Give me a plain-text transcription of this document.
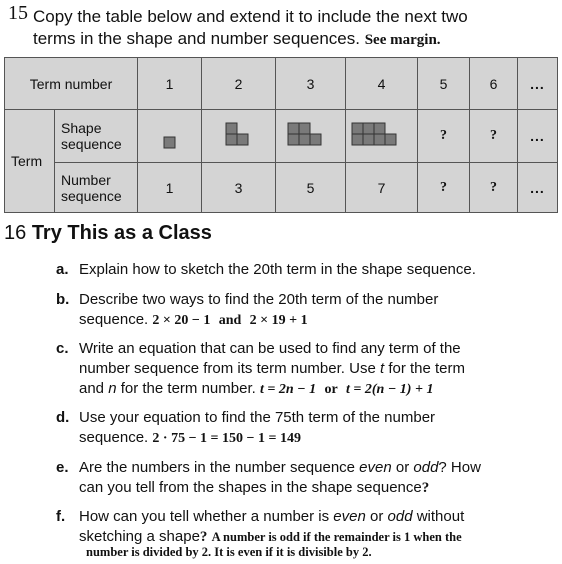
15 Copy the table below and extend it to include the next two
terms in the shape and number sequences. See margin.
Term number		1	2	3	4	5	6	...
Term	Shape
sequence					?	?	...

	Number
sequence	1	3	5	7	?	?	...
16 Try This as a Class
a. Explain how to sketch the 20th term in the shape sequence.
b. Describe two ways to find the 20th term of the number
sequence. 2 × 20 − 1 and 2 × 19 + 1
c. Write an equation that can be used to find any term of the
number sequence from its term number. Use t for the term
and n for the term number. t = 2n − 1 or t = 2(n − 1) + 1
d. Use your equation to find the 75th term of the number
sequence. 2 · 75 − 1 = 150 − 1 = 149
e. Are the numbers in the number sequence even or odd? How
can you tell from the shapes in the shape sequence?
f. How can you tell whether a number is even or odd without
sketching a shape? A number is odd if the remainder is 1 when the
number is divided by 2. It is even if it is divisible by 2.
